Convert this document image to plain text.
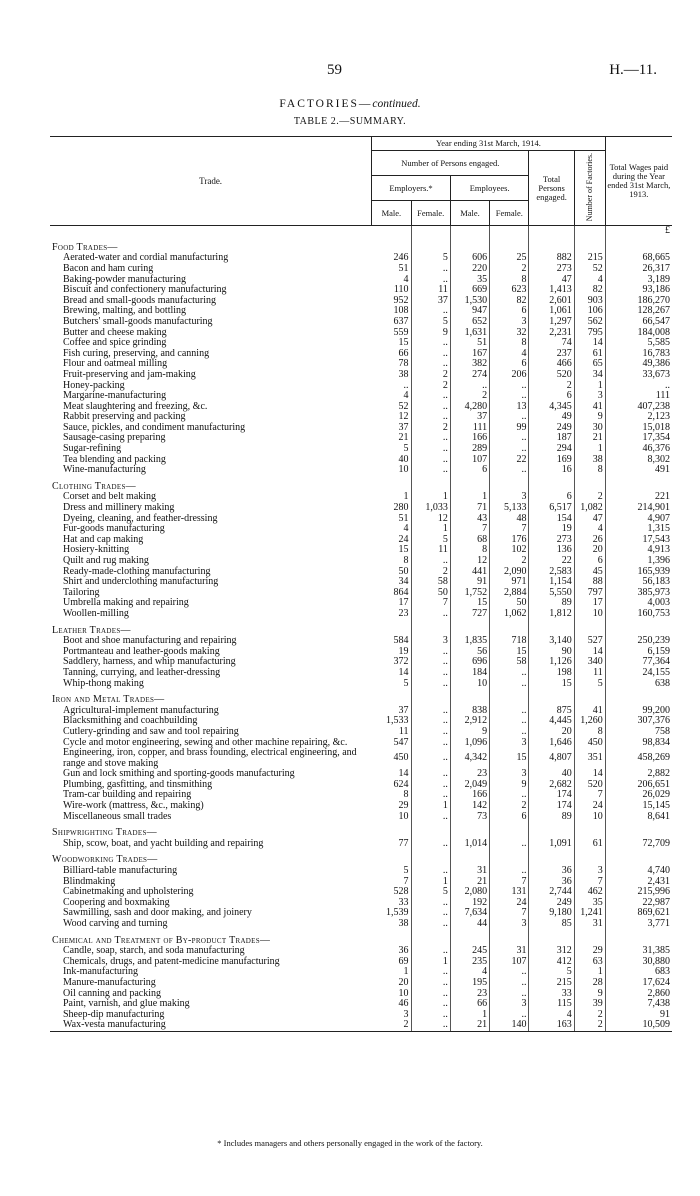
59	H.—11.
FACTORIES—continued.
TABLE 2.—SUMMARY.
Trade.	Year ending 31st March, 1914.						Total Wages paid during the Year ended 31st March, 1913.
	Number of Persons engaged.				Total Persons engaged.	Number of Factories.	
	Employers.*		Employees.				
	Male.	Female.	Male.	Female.			
							£
Food Trades—							
Aerated-water and cordial manufacturing	246	5	606	25	882	215	68,665
Bacon and ham curing	51	..	220	2	273	52	26,317
Baking-powder manufacturing	4	..	35	8	47	4	3,189
Biscuit and confectionery manufacturing	110	11	669	623	1,413	82	93,186
Bread and small-goods manufacturing	952	37	1,530	82	2,601	903	186,270
Brewing, malting, and bottling	108	..	947	6	1,061	106	128,267
Butchers' small-goods manufacturing	637	5	652	3	1,297	562	66,547
Butter and cheese making	559	9	1,631	32	2,231	795	184,008
Coffee and spice grinding	15	..	51	8	74	14	5,585
Fish curing, preserving, and canning	66	..	167	4	237	61	16,783
Flour and oatmeal milling	78	..	382	6	466	65	49,386
Fruit-preserving and jam-making	38	2	274	206	520	34	33,673
Honey-packing	..	2	..	..	2	1	..
Margarine-manufacturing	4	..	2	..	6	3	111
Meat slaughtering and freezing, &c.	52	..	4,280	13	4,345	41	407,238
Rabbit preserving and packing	12	..	37	..	49	9	2,123
Sauce, pickles, and condiment manufacturing	37	2	111	99	249	30	15,018
Sausage-casing preparing	21	..	166	..	187	21	17,354
Sugar-refining	5	..	289	..	294	1	46,376
Tea blending and packing	40	..	107	22	169	38	8,302
Wine-manufacturing	10	..	6	..	16	8	491
Clothing Trades—							
Corset and belt making	1	1	1	3	6	2	221
Dress and millinery making	280	1,033	71	5,133	6,517	1,082	214,901
Dyeing, cleaning, and feather-dressing	51	12	43	48	154	47	4,907
Fur-goods manufacturing	4	1	7	7	19	4	1,315
Hat and cap making	24	5	68	176	273	26	17,543
Hosiery-knitting	15	11	8	102	136	20	4,913
Quilt and rug making	8	..	12	2	22	6	1,396
Ready-made-clothing manufacturing	50	2	441	2,090	2,583	45	165,939
Shirt and underclothing manufacturing	34	58	91	971	1,154	88	56,183
Tailoring	864	50	1,752	2,884	5,550	797	385,973
Umbrella making and repairing	17	7	15	50	89	17	4,003
Woollen-milling	23	..	727	1,062	1,812	10	160,753
Leather Trades—							
Boot and shoe manufacturing and repairing	584	3	1,835	718	3,140	527	250,239
Portmanteau and leather-goods making	19	..	56	15	90	14	6,159
Saddlery, harness, and whip manufacturing	372	..	696	58	1,126	340	77,364
Tanning, currying, and leather-dressing	14	..	184	..	198	11	24,155
Whip-thong making	5	..	10	..	15	5	638
Iron and Metal Trades—							
Agricultural-implement manufacturing	37	..	838	..	875	41	99,200
Blacksmithing and coachbuilding	1,533	..	2,912	..	4,445	1,260	307,376
Cutlery-grinding and saw and tool repairing	11	..	9	..	20	8	758
Cycle and motor engineering, sewing and other machine repairing, &c.	547	..	1,096	3	1,646	450	98,834
Engineering, iron, copper, and brass founding, electrical engineering, and range and stove making	450	..	4,342	15	4,807	351	458,269
Gun and lock smithing and sporting-goods manufacturing	14	..	23	3	40	14	2,882
Plumbing, gasfitting, and tinsmithing	624	..	2,049	9	2,682	520	206,651
Tram-car building and repairing	8	..	166	..	174	7	26,029
Wire-work (mattress, &c., making)	29	1	142	2	174	24	15,145
Miscellaneous small trades	10	..	73	6	89	10	8,641
Shipwrighting Trades—							
Ship, scow, boat, and yacht building and repairing	77	..	1,014	..	1,091	61	72,709
Woodworking Trades—							
Billiard-table manufacturing	5	..	31	..	36	3	4,740
Blindmaking	7	1	21	7	36	7	2,431
Cabinetmaking and upholstering	528	5	2,080	131	2,744	462	215,996
Coopering and boxmaking	33	..	192	24	249	35	22,987
Sawmilling, sash and door making, and joinery	1,539	..	7,634	7	9,180	1,241	869,621
Wood carving and turning	38	..	44	3	85	31	3,771
Chemical and Treatment of By-product Trades—							
Candle, soap, starch, and soda manufacturing	36	..	245	31	312	29	31,385
Chemicals, drugs, and patent-medicine manufacturing	69	1	235	107	412	63	30,880
Ink-manufacturing	1	..	4	..	5	1	683
Manure-manufacturing	20	..	195	..	215	28	17,624
Oil canning and packing	10	..	23	..	33	9	2,860
Paint, varnish, and glue making	46	..	66	3	115	39	7,438
Sheep-dip manufacturing	3	..	1	..	4	2	91
Wax-vesta manufacturing	2	..	21	140	163	2	10,509
* Includes managers and others personally engaged in the work of the factory.
